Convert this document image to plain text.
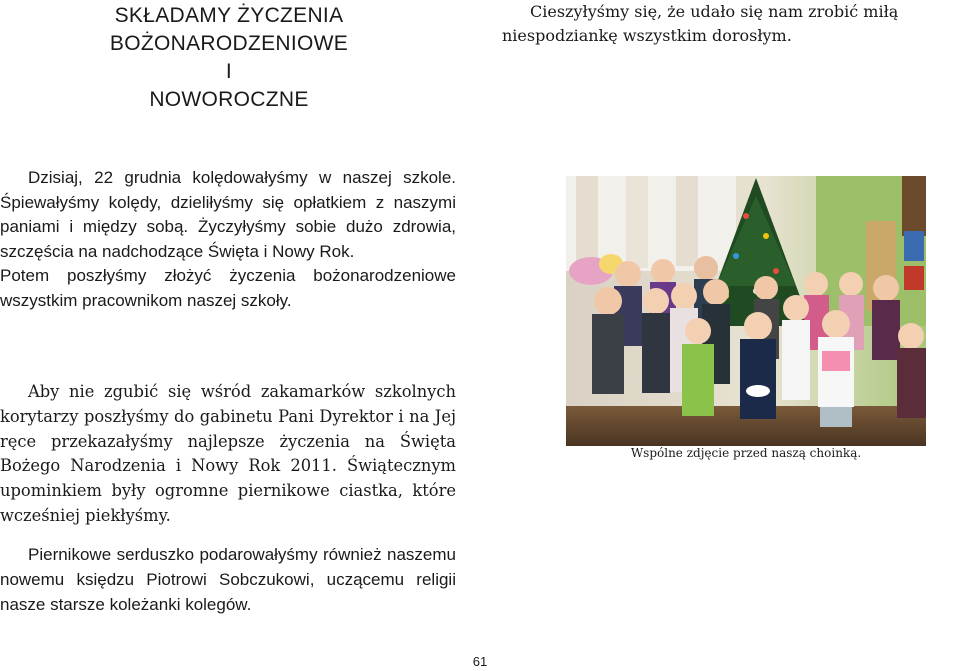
SKŁADAMY ŻYCZENIA
BOŻONARODZENIOWE
I
NOWOROCZNE
Cieszyłyśmy się, że udało się nam zrobić miłą
niespodziankę wszystkim dorosłym.
Dzisiaj, 22 grudnia kolędowałyśmy w naszej szkole. Śpiewałyśmy kolędy, dzieliłyśmy się opłatkiem z naszymi paniami i między sobą. Życzyłyśmy sobie dużo zdrowia, szczęścia na nadchodzące Święta i Nowy Rok.
Potem poszłyśmy złożyć życzenia bożonarodzeniowe wszystkim pracownikom naszej szkoły.
Aby nie zgubić się wśród zakamarków szkolnych korytarzy poszłyśmy do gabinetu Pani Dyrektor i na Jej ręce przekazałyśmy najlepsze życzenia na Święta Bożego Narodzenia i Nowy Rok 2011. Świątecznym upominkiem były ogromne piernikowe ciastka, które wcześniej piekłyśmy.
Piernikowe serduszko podarowałyśmy również naszemu nowemu księdzu Piotrowi Sobczukowi, uczącemu religii nasze starsze koleżanki kolegów.
Wspólne zdjęcie przed naszą choinką.
61
